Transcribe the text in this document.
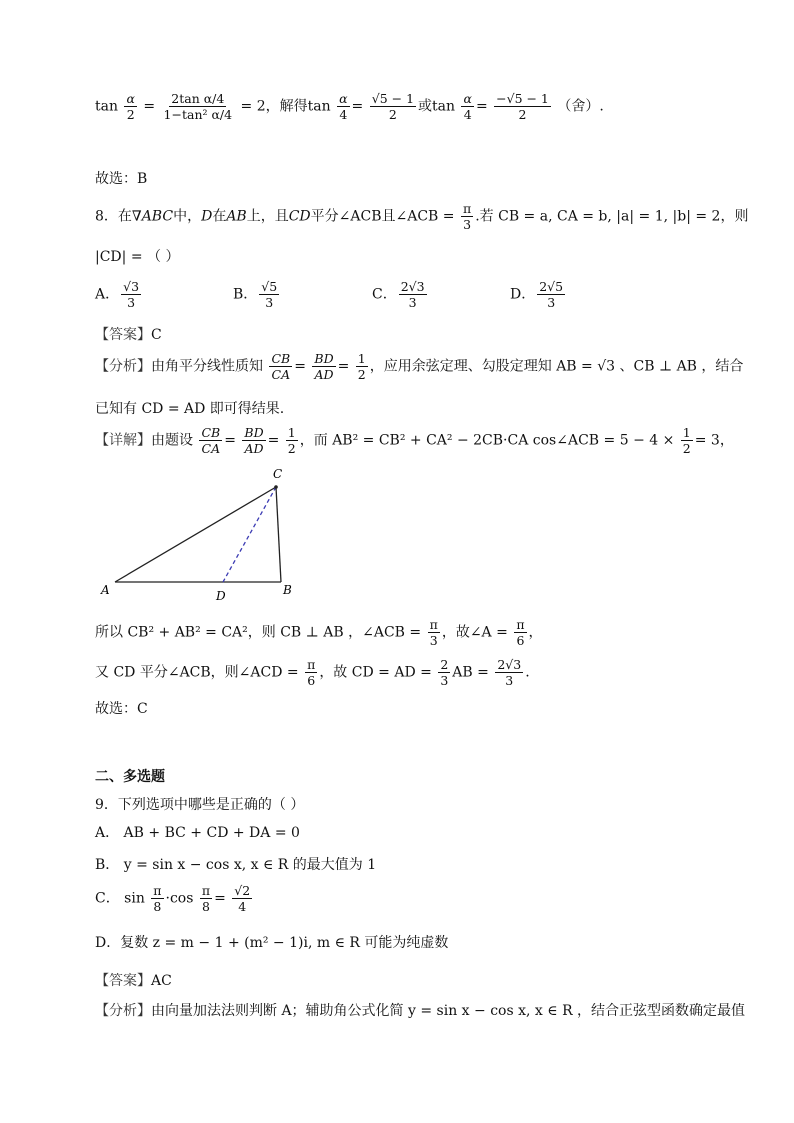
$\tan \frac{\alpha}{2} = \frac{\text{2tan α/4}}{\text{1−tan² α/4}} = 2$，解得$\tan \frac{\alpha}{4} = \frac{√5 - 1}{2}$ 或$\tan \frac{\alpha}{4} = \frac{-√5 - 1}{2}$ （舍）.
故选：B
8．在∇ABC中，D在AB上，且CD平分∠ACB且∠ACB = $\frac{\pi}{3}$ .若 CB = a, CA = b, |a| = 1, |b| = 2，则
|CD| = （ ）
A． $\frac{√3}{3}$	B． $\frac{√5}{3}$	C． $\frac{2√3}{3}$	D． $\frac{2√5}{3}$
【答案】C
【分析】由角平分线性质知 $\frac{CB}{CA} = \frac{BD}{AD} = \frac{1}{2}$ ，应用余弦定理、勾股定理知 AB = √3 、CB ⊥ AB ，结合
已知有 CD = AD 即可得结果.
【详解】由题设 $\frac{CB}{CA} = \frac{BD}{AD} = \frac{1}{2}$ ，而 AB² = CB² + CA² − 2CB·CA cos∠ACB = $5 - 4 \times \frac{1}{2} = 3$，
C
A	D	B
所以 CB² + AB² = CA²，则 CB ⊥ AB ，∠ACB = $\frac{\pi}{3}$ ，故∠A = $\frac{\pi}{6}$ ，
又 CD 平分∠ACB，则∠ACD = $\frac{\pi}{6}$ ，故 CD = AD = $\frac{2}{3}$ AB = $\frac{2√3}{3}$ .
故选：C
二、多选题
9．下列选项中哪些是正确的（ ）
A． AB + BC + CD + DA = 0
B． y = sin x − cos x, x ∈ R 的最大值为 1
C． $\sin \frac{\pi}{8} \cdot\cos \frac{\pi}{8} = \frac{√2}{4}$
D．复数 z = m − 1 + (m² − 1)i, m ∈ R 可能为纯虚数
【答案】AC
【分析】由向量加法法则判断 A；辅助角公式化简 y = sin x − cos x, x ∈ R ，结合正弦型函数确定最值
